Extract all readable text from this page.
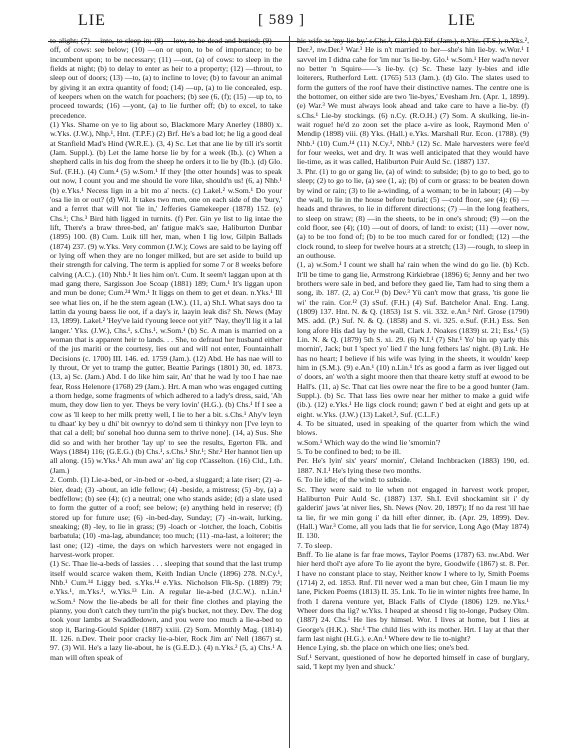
LIE	[ 589 ]	LIE

to alight; (7) —into, to sleep in; (8) —low, to be dead and buried; (9) —off, of cows: see below; (10) —on or upon, to be of importance; to be incumbent upon; to be necessary; (11) —out, (a) of cows: to sleep in the fields at night; (b) to delay to enter as heir to a property; (12) —throut, to sleep out of doors; (13) —to, (a) to incline to love; (b) to favour an animal by giving it an extra quantity of food; (14) —up, (a) to lie concealed, esp. of keepers when on the watch for poachers; (b) see (6, (f); (15) —up to, to proceed towards; (16) —yont, (a) to lie further off; (b) to excel, to take precedence.

(1) Yks. Shame on ye to lig about so, Blackmore Mary Anerley (1880) x. w.Yks. (J.W.), Nhp.¹, Hnt. (T.P.F.) (2) Brf. He's a bad lot; he lig a good deal at Stanfield Mad's Hind (W.R.E.). (3, 4) Sc. Let that ane lie by till it's sortit (Jam. Suppl.). (b) Let the lame horse lie by for a week (Ib.). (c) When a shepherd calls in his dog from the sheep he orders it to lie by (Ib.). (d) Glo. Suf. (F.H.). (4) Cum.⁴ (5) w.Som.¹ If they [the otter hounds] was to speak out now, I count you and me should lie vore like, should'n us! (6, a) Nhb.¹ (b) e.Yks.¹ Necess lign in a bit mo a' nects. (c) Lakel.² w.Som.¹ Do your 'osa lie in or out? (d) Wil. It takes two men, one on each side of the 'bury,' and a ferret that will not 'lie in,' Jefferies Gamekeeper (1878) 152. (e) Chs.¹; Chs.³ Bird hith ligged in turnits. (f) Per. Gin ye list to lig intae the lift, There's a braw three-bed, an' fatigue mak's sae, Haliburton Dunbar (1895) 100. (8) Cum. Luik till her, man, when I lig low, Gilpin Ballads (1874) 237. (9) w.Yks. Very common (J.W.); Cows are said to be laying off or lying off when they are no longer milked, but are set aside to build up their strength for calving. The term is applied for some 7 or 8 weeks before calving (A.C.). (10) Nhb.¹ It lies him on't. Cum. It seem't laggan upon at th mad gang there, Sargisson Joe Scoap (1881) 189; Cum.¹ It's liggan upon and mun be done; Cum.²⁴ Wm.¹ It liggs on them to get et dean. n.Yks.¹ Ill see what lies on, if he the stem agean (I.W.). (11, a) Sh.I. What says doo ta lattin da young baess lie oot, if a day's ir, laayin leak dis? Sh. News (May 13, 1899). Lakel.² 'Hey've laid t'young leece oot yit?' 'Nay, they'll lig it a lal langer.' Yks. (J.W.), Chs.¹, s.Chs.¹, w.Som.¹ (b) Sc. A man is married on a woman that is apparent heir to lands. . . She, to defraud her husband either of the jus mariti or the courtesy, lies out and will not enter, Fountainhall Decisions (c. 1700) III. 146. ed. 1759 (Jam.). (12) Abd. He has nae will to ly throut, Or yet to tramp the gutter, Beattie Parings (1801) 30, ed. 1873. (13, a) Sc. (Jam.) Abd. I do like him sair, An' that he wad ly too I hae nae fear, Ross Helenore (1768) 29 (Jam.). Hrt. A man who was engaged cutting a thorn hedge, some fragments of which adhered to a lady's dress, said, 'Ah mum, they dow lien to yer. Theys be very lovin' (H.G.). (b) Chs.¹ If I see a cow as 'll keep to her milk pretty well, I lie to her a bit. s.Chs.¹ Ahy'v leyn tu dhaat' ky bey u dhi' bit ownryy to do'nd sem ti thinkyy non [I've leyn to that cal a dell; bu' sonehal hoo dunna sem to thrive none]. (14, a) Sus. She did so and with her brother 'lay up' to see the results, Egerton Flk. and Ways (1884) 116; (G.E.G.) (b) Chs.¹, s.Chs.¹ Shr.¹; Shr.² Her hannot lien up all along. (15) w.Yks.¹ Ah mun awa' an' lig cop t'Casselton. (16) Cld., Lth. (Jam.)

2. Comb. (1) Lie-a-bed, or -in-bed or -o-bed, a sluggard; a late riser; (2) -a-bier, dead; (3) -about, an idle fellow; (4) -beside, a mistress; (5) -by, (a) a bedfellow; (b) see (4); (c) a neutral; one who stands aside; (d) a slate used to form the gutter of a roof; see below; (e) anything held in reserve; (f) stored up for future use; (6) -in-bed-day, Sunday; (7) -in-wait, lurking, sneaking; (8) -ley, to lie in grass; (9) -loach or -lotcher, the loach, Cobitis barbatula; (10) -ma-lag, abundance; too much; (11) -ma-last, a loiterer; the last one; (12) -time, the days on which harvesters were not engaged in harvest-work proper.

(1) Sc. Thae lie-a-beds of lassies . . . sleeping that sound that the last trump itself would scarce waken them, Keith Indian Uncle (1896) 278. N.Cy.¹, Nhb.¹ Cum.¹⁴ Liggy bed. s.Yks.¹⁴ e.Yks. Nicholson Flk-Sp. (1889) 79; e.Yks.¹, m.Yks.¹, w.Yks.¹³ Lin. A regular lie-a-bed (J.C.W.). n.Lin.¹ w.Som.¹ Now the lie-abeds be all for their fine clothes and playing the pianny, you don't catch they turn'in the pig's bucket, not they. Dev. The dog took your lambs at Swaddledown, and you were too much a lie-a-bed to stop it, Baring-Gould Spider (1887) xxiii. (2) Som. Monthly Mag. (1814) II. 126. n.Dev. Their poor cracky lie-a-bier, Rock Jim an' Nell (1867) st. 97. (3) Wil. He's a lazy lie-about, he is (G.E.D.). (4) n.Yks.² (5, a) Chs.¹ A man will often speak of

his wife as 'my lie-by.' s.Chs.¹, Glo.¹ (b) Fif. (Jam.), n.Yks. (T.S.), n.Yks.², Der.², nw.Der.¹ War.³ He is n't married to her—she's hin lie-by. w.Wor.¹ I savvel im I didna cahe for 'im nur 'is lie-by. Glo.¹ w.Som.¹ Her wad'n never no better 'n Squire——'s lie-by. (c) Sc. These lazy ly-bies and idle loiterers, Rutherford Lett. (1765) 513 (Jam.). (d) Glo. The slates used to form the gutters of the roof have their distinctive names. The centre one is the bottomer, on either side are two 'lie-byes,' Evesham Jrn. (Apr. 1, 1899). (e) War.³ We must always look ahead and take care to have a lie-by. (f) s.Chs.¹ Lie-by stockings. (6) n.Cy. (R.O.H.) (7) Som. A skulking, lie-in-wait rogue! he'd zo zoon set the place a-vire as look, Raymond Men o' Mendip (1898) viii. (8) Yks. (Hall.) e.Yks. Marshall Rur. Econ. (1788). (9) Nhb.¹ (10) Cum.¹⁴ (11) N.Cy.¹, Nhb.¹ (12) Sc. Male harvesters were fee'd for four weeks, wet and dry. It was well anticipated that they would have lie-time, as it was called, Haliburton Puir Auld Sc. (1887) 137.

3. Phr. (1) to go or gang lie, (a) of wind: to subside; (b) to go to bed, go to sleep; (2) to go to lie, (a) see (1, a); (b) of corn or grass: to be beaten down by wind or rain; (3) to lie a-winding, of a woman; to be in labour; (4) —by the wall, to lie in the house before burial; (5) —cold floor, see (4); (6) —heads and thrawes, to lie in different directions; (7) —in the long feathers, to sleep on straw; (8) —in the sheets, to be in one's shroud; (9) —on the cold floor, see (4); (10) —out of doors, of land: to exist; (11) —over now, (a) to be too fond of; (b) to be too much cared for or fondled; (12) —the clock round, to sleep for twelve hours at a stretch; (13) —rough, to sleep in an outhouse.

(1, a) w.Som.¹ I count we shall ha' rain when the wind do go lie. (b) Kcb. It'll be time to gang lie, Armstrong Kirkiebrae (1896) 6; Jenny and her two brothers were sale in bed, and before they gaed lie, Tam had to sing them a song, ib. 187. (2, a) Cor.¹² (b) Dev.³ Yü can't mow that grass, 'tis gone lie wi' the rain. Cor.¹² (3) sSuf. (F.H.) (4) Suf. Batchelor Anal. Eng. Lang. (1809) 137. Hnt. N. & Q. (1853) 1st S. vii. 332. e.An.¹ Nrf. Grose (1790) MS. add. (P.) Suf. N. & Q. (1858) and S. vi. 325. e.Suf. (F.H.) Ess. Sen long afore His dad lay by the wall, Clark J. Noakes (1839) st. 21; Ess.¹ (5) Lin. N. & Q. (1879) 5th S. xi. 29. (6) N.I.¹ (7) Shr.¹ Yo' bin up yarly this mornin', Jack; but I 'spect yo' lied i' the lung fethers las' night. (8) Lnk. He has no heart; I believe if his wife was lying in the sheets, it wouldn' keep him in (S.M.). (9) e.An.¹ (10) n.Lin.¹ It's as good a farm as iver ligged out o' doors, an' wo'th a sight moore then that theare ketty stuff at ewood to be Hall's. (11, a) Sc. That cat lies owre near the fire to be a good hunter (Jam. Suppl.). (b) Sc. That lass lies owre near her mither to make a guid wife (ib.). (12) e.Yks.¹ He ligs clock round; gawn t' bed at eight and gets up at eight. w.Yks. (J.W.) (13) Lakel.², Suf. (C.L.F.)

4. To be situated, used in speaking of the quarter from which the wind blows.

w.Som.¹ Which way do the wind lie 'smornin'?

5. To be confined to bed; to be ill.

Per. He's lyin' six' years' mornin', Cleland Inchbracken (1883) 190, ed. 1887. N.I.¹ He's lying these two months.

6. To lie idle; of the wind: to subside.

Sc. They were said to lie when not engaged in harvest work proper, Haliburton Puir Auld Sc. (1887) 137. Sh.I. Evil shockamint sit i' dy galderin' jaws 'at niver lies, Sh. News (Nov. 20, 1897); If no da rest 'ill hae ta lie, fir we min gong i' da hill efter dinner, ib. (Apr. 29, 1899). Dev. (Hall.) War.³ Come, all you lads that lie for service, Long Ago (May 1874) II. 130.

7. To sleep.

Bnff. To lie alane is far frae mows, Taylor Poems (1787) 63. nw.Abd. Wer hier herd thol't aye afore To lie ayont the byre, Goodwife (1867) st. 8. Per. I have no constant place to stay, Neither know I where to ly, Smith Poems (1714) 2, ed. 1853. Rnf. I'll never wed a man but chee, Gin I maun lie my lane, Picken Poems (1813) II. 35. Lnk. To lie in winter nights free hame, In froth I darena venture yet, Black Falls of Clyde (1806) 129. ne.Yks.¹ Wheer does tha lig? w.Yks. I heaped at sheosd t lig to-longe, Pudsey Olm. (1887) 24. Chs.¹ He lies by himsel. Wor. I lives at home, but I lies at George's (H.K.). Shr.¹ The child lies with its mother. Hrt. I lay at that ther farm last night (H.G.). e.An.¹ Where dew te lie to-night?

Hence Lying, sb. the place on which one lies; one's bed.

Suf.¹ Servant, questioned of how he deported himself in case of burglary, said, 'I kept my lyen and shuck.'
